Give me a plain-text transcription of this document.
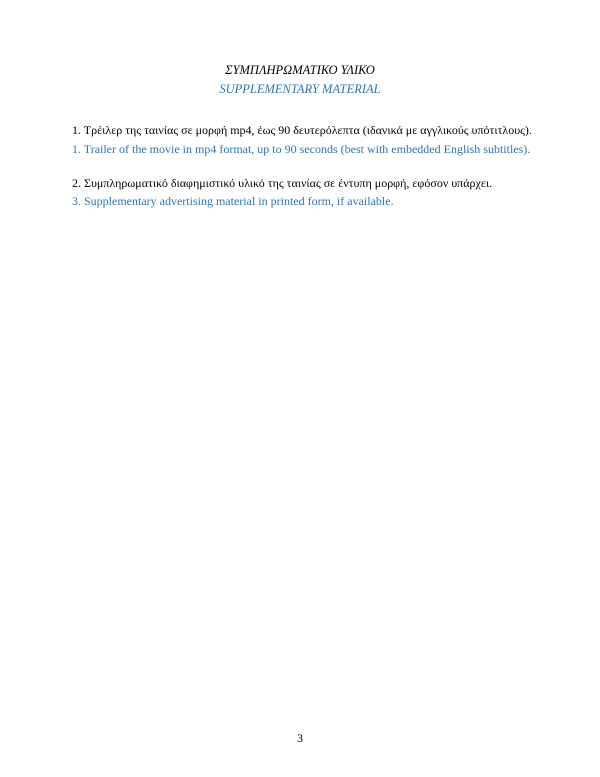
ΣΥΜΠΛΗΡΩΜΑΤΙΚΟ ΥΛΙΚΟ
SUPPLEMENTARY MATERIAL
1. Τρέιλερ της ταινίας σε μορφή mp4, έως 90 δευτερόλεπτα (ιδανικά με αγγλικούς υπότιτλους).
1. Trailer of the movie in mp4 format, up to 90 seconds (best with embedded English subtitles).
2. Συμπληρωματικό διαφημιστικό υλικό της ταινίας σε έντυπη μορφή, εφόσον υπάρχει.
3. Supplementary advertising material in printed form, if available.
3
